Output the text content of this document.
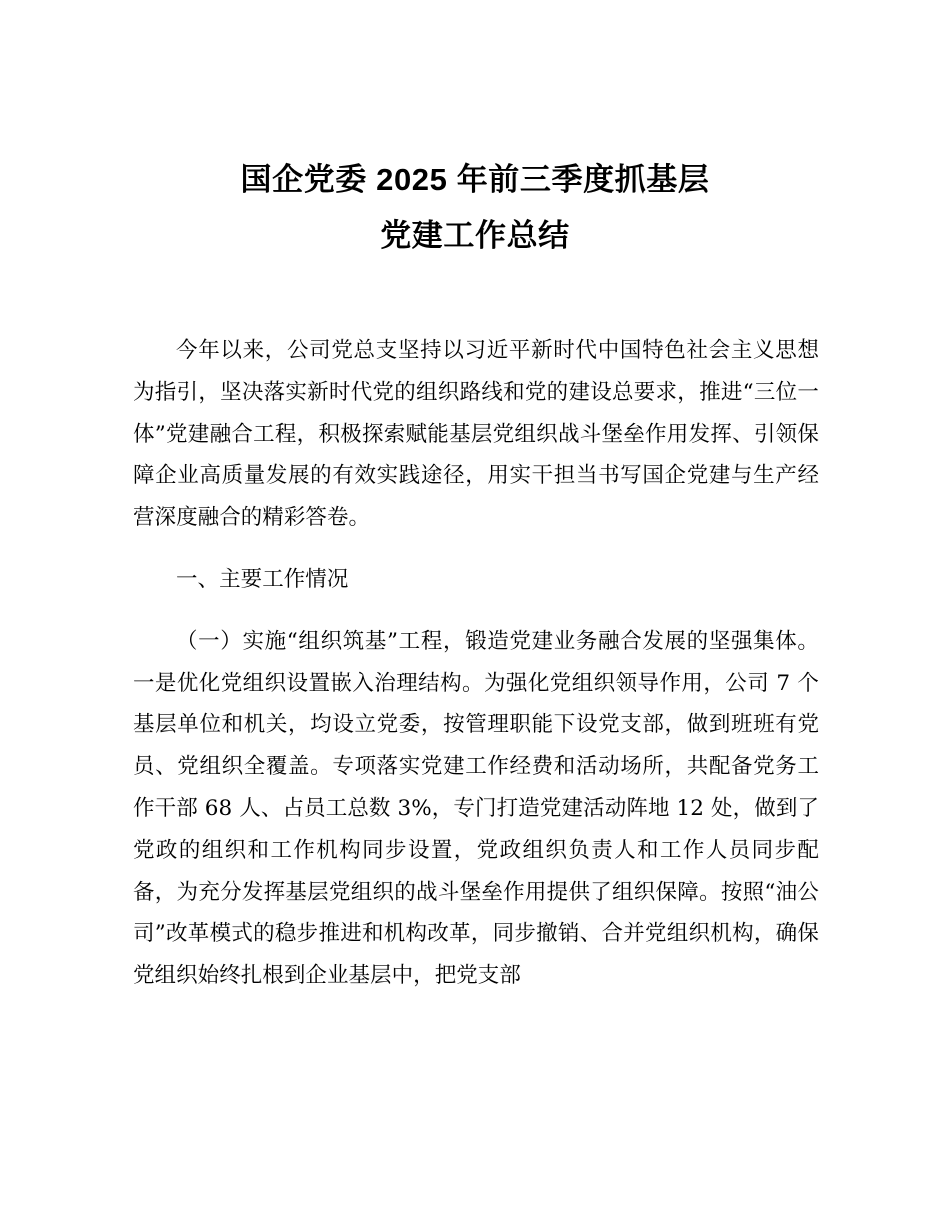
国企党委 2025 年前三季度抓基层
党建工作总结

今年以来，公司党总支坚持以习近平新时代中国特色社会主义思想为指引，坚决落实新时代党的组织路线和党的建设总要求，推进“三位一体”党建融合工程，积极探索赋能基层党组织战斗堡垒作用发挥、引领保障企业高质量发展的有效实践途径，用实干担当书写国企党建与生产经营深度融合的精彩答卷。

一、主要工作情况

（一）实施“组织筑基”工程，锻造党建业务融合发展的坚强集体。一是优化党组织设置嵌入治理结构。为强化党组织领导作用，公司 7 个基层单位和机关，均设立党委，按管理职能下设党支部，做到班班有党员、党组织全覆盖。专项落实党建工作经费和活动场所，共配备党务工作干部 68 人、占员工总数 3%，专门打造党建活动阵地 12 处，做到了党政的组织和工作机构同步设置，党政组织负责人和工作人员同步配备，为充分发挥基层党组织的战斗堡垒作用提供了组织保障。按照“油公司”改革模式的稳步推进和机构改革，同步撤销、合并党组织机构，确保党组织始终扎根到企业基层中，把党支部
